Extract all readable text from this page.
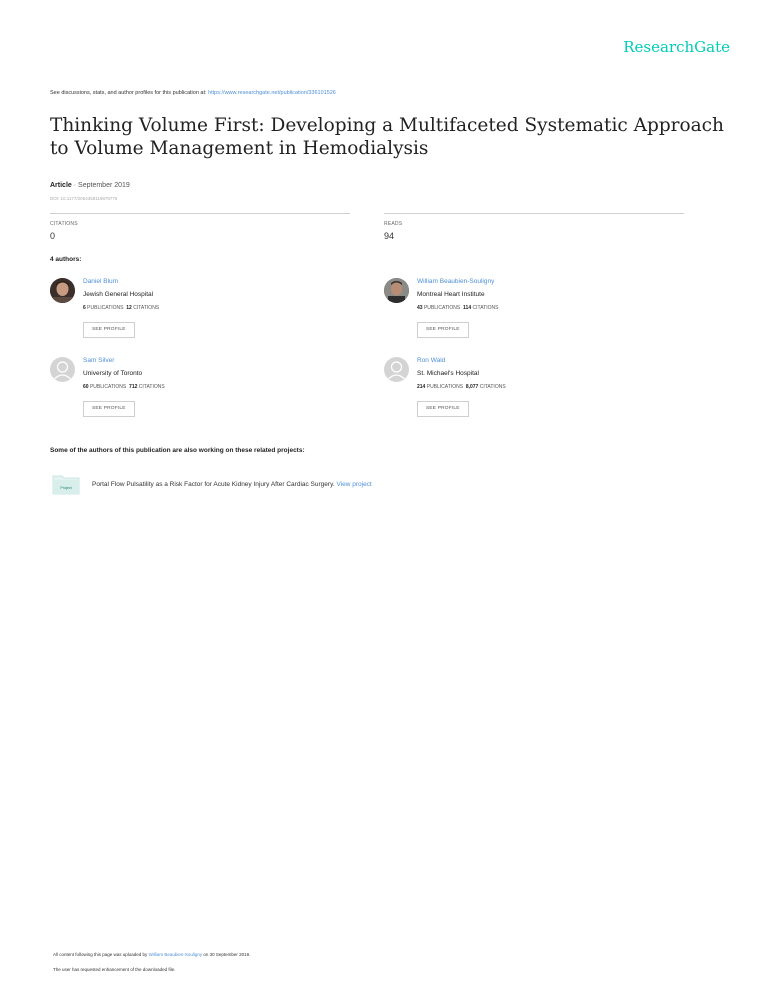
ResearchGate
See discussions, stats, and author profiles for this publication at: https://www.researchgate.net/publication/336101526
Thinking Volume First: Developing a Multifaceted Systematic Approach to Volume Management in Hemodialysis
Article · September 2019
DOI: 10.1177/2054358119879776
CITATIONS
0
READS
94
4 authors:
Daniel Blum
Jewish General Hospital
6 PUBLICATIONS 12 CITATIONS
SEE PROFILE
William Beaubien-Souligny
Montreal Heart Institute
43 PUBLICATIONS 114 CITATIONS
SEE PROFILE
Sam Silver
University of Toronto
60 PUBLICATIONS 712 CITATIONS
SEE PROFILE
Ron Wald
St. Michael's Hospital
214 PUBLICATIONS 8,077 CITATIONS
SEE PROFILE
Some of the authors of this publication are also working on these related projects:
Project	Portal Flow Pulsatility as a Risk Factor for Acute Kidney Injury After Cardiac Surgery. View project
All content following this page was uploaded by William Beaubien-Souligny on 30 September 2019.
The user has requested enhancement of the downloaded file.
